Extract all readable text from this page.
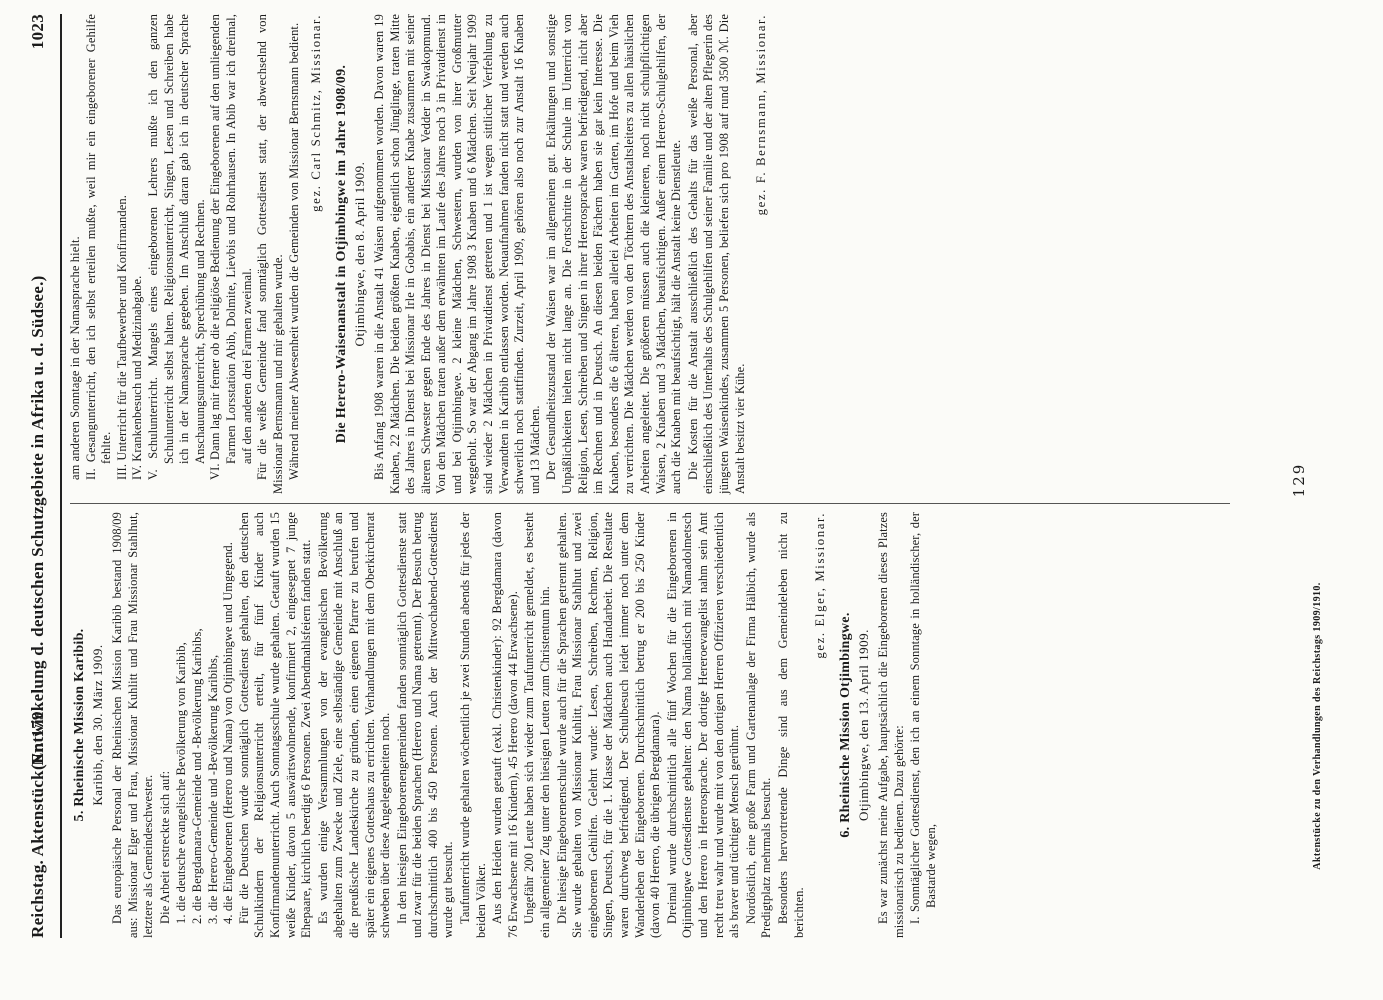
Reichstag. Aktenstück Nr. 179.
(Entwickelung d. deutschen Schutzgebiete in Afrika u. d. Südsee.)
1023
5. Rheinische Mission Karibib. Karibib, den 30. März 1909. Das europäische Personal der Rheinischen Mission Karibib bestand 1908/09 aus: Missionar Elger und Frau, Missionar Kuhlitt und Frau Missionar Stahlhut, letztere als Gemeindeschwester. Die Arbeit erstreckte sich auf: 1. die deutsche evangelische Bevölkerung von Karibib, 2. die Bergdamara-Gemeinde und -Bevölkerung Karibibs, 3. die Herero-Gemeinde und -Bevölkerung Karibibs, 4. die Eingeborenen (Herero und Nama) von Otjimbingwe und Umgegend. Für die Deutschen wurde sonntäglich Gottesdienst gehalten, den deutschen Schulkindern der Religionsunterricht erteilt, für fünf Kinder auch Konfirmandenunterricht. Auch Sonntagsschule wurde gehalten. Getauft wurden 15 weiße Kinder, davon 5 auswärtswohnende, konfirmiert 2, eingesegnet 7 junge Ehepaare, kirchlich beerdigt 6 Personen. Zwei Abendmahlsfeiern fanden statt. Es wurden einige Versammlungen von der evangelischen Bevölkerung abgehalten zum Zwecke und Ziele, eine selbständige Gemeinde mit Anschluß an die preußische Landeskirche zu gründen, einen eigenen Pfarrer zu berufen und später ein eigenes Gotteshaus zu errichten. Verhandlungen mit dem Oberkirchenrat schweben über diese Angelegenheiten noch. In den hiesigen Eingeborenengemeinden fanden sonntäglich Gottesdienste statt und zwar für die beiden Sprachen (Herero und Nama getrennt). Der Besuch betrug durchschnittlich 400 bis 450 Personen. Auch der Mittwochabend-Gottesdienst wurde gut besucht. Taufunterricht wurde gehalten wöchentlich je zwei Stunden abends für jedes der beiden Völker. Aus den Heiden wurden getauft (exkl. Christenkinder): 92 Bergdamara (davon 76 Erwachsene mit 16 Kindern), 45 Herero (davon 44 Erwachsene). Ungefähr 200 Leute haben sich wieder zum Taufunterricht gemeldet, es besteht ein allgemeiner Zug unter den hiesigen Leuten zum Christentum hin. Die hiesige Eingeborenenschule wurde auch für die Sprachen getrennt gehalten. Sie wurde gehalten von Missionar Kuhlitt, Frau Missionar Stahlhut und zwei eingeborenen Gehilfen. Gelehrt wurde: Lesen, Schreiben, Rechnen, Religion, Singen, Deutsch, für die 1. Klasse der Mädchen auch Handarbeit. Die Resultate waren durchweg befriedigend. Der Schulbesuch leidet immer noch unter dem Wanderleben der Eingeborenen. Durchschnittlich betrug er 200 bis 250 Kinder (davon 40 Herero, die übrigen Bergdamara). Dreimal wurde durchschnittlich alle fünf Wochen für die Eingeborenen in Otjimbingwe Gottesdienste gehalten: den Nama holländisch mit Namadolmetsch und den Herero in Hererosprache. Der dortige Hereroevangelist nahm sein Amt recht treu wahr und wurde mit von den dortigen Herren Offizieren verschiedentlich als braver und tüchtiger Mensch gerühmt. Nordöstlich, eine große Farm und Gartenanlage der Firma Hälbich, wurde als Predigtplatz mehrmals besucht. Besonders hervortretende Dinge sind aus dem Gemeindeleben nicht zu berichten.
gez. Elger, Missionar.
6. Rheinische Mission Otjimbingwe. Otjimbingwe, den 13. April 1909. Es war zunächst meine Aufgabe, hauptsächlich die Eingeborenen dieses Platzes missionarisch zu bedienen. Dazu gehörte: I. Sonntäglicher Gottesdienst, den ich an einem Sonntage in holländischer, der Bastarde wegen,
am anderen Sonntage in der Namasprache hielt. II. Gesangunterricht, den ich selbst erteilen mußte, weil mir ein eingeborener Gehilfe fehlte. III. Unterricht für die Taufbewerber und Konfirmanden. IV. Krankenbesuch und Medizinabgabe. V. Schulunterricht. Mangels eines eingeborenen Lehrers mußte ich den ganzen Schulunterricht selbst halten. Religionsunterricht, Singen, Lesen und Schreiben habe ich in der Namasprache gegeben. Im Anschluß daran gab ich in deutscher Sprache Anschauungsunterricht, Sprechübung und Rechnen. VI. Dann lag mir ferner ob die religiöse Bedienung der Eingeborenen auf den umliegenden Farmen Lorsstation Abib, Dolmite, Lievbis und Rohrhausen. In Abib war ich dreimal, auf den anderen drei Farmen zweimal. Für die weiße Gemeinde fand sonntäglich Gottesdienst statt, der abwechselnd von Missionar Bernsmann und mir gehalten wurde. Während meiner Abwesenheit wurden die Gemeinden von Missionar Bernsmann bedient. gez. Carl Schmitz, Missionar. Die Herero-Waisenanstalt in Otjimbingwe im Jahre 1908/09. Otjimbingwe, den 8. April 1909. Bis Anfang 1908 waren in die Anstalt 41 Waisen aufgenommen worden. Davon waren 19 Knaben, 22 Mädchen. Die beiden größten Knaben, eigentlich schon Jünglinge, traten Mitte des Jahres in Dienst bei Missionar Irle in Gobabis, ein anderer Knabe zusammen mit seiner älteren Schwester gegen Ende des Jahres in Dienst bei Missionar Vedder in Swakopmund. Von den Mädchen traten außer dem erwähnten im Laufe des Jahres noch 3 in Privatdienst in und bei Otjimbingwe. 2 kleine Mädchen, Schwestern, wurden von ihrer Großmutter weggeholt. So war der Abgang im Jahre 1908 3 Knaben und 6 Mädchen. Seit Neujahr 1909 sind wieder 2 Mädchen in Privatdienst getreten und 1 ist wegen sittlicher Verfehlung zu Verwandten in Karibib entlassen worden. Neuaufnahmen fanden nicht statt und werden auch schwerlich noch stattfinden. Zurzeit, April 1909, gehören also noch zur Anstalt 16 Knaben und 13 Mädchen. Der Gesundheitszustand der Waisen war im allgemeinen gut. Erkältungen und sonstige Unpäßlichkeiten hielten nicht lange an. Die Fortschritte in der Schule im Unterricht von Religion, Lesen, Schreiben und Singen in ihrer Hererosprache waren befriedigend, nicht aber im Rechnen und in Deutsch. An diesen beiden Fächern haben sie gar kein Interesse. Die Knaben, besonders die 6 älteren, haben allerlei Arbeiten im Garten, im Hofe und beim Vieh zu verrichten. Die Mädchen werden von den Töchtern des Anstaltsleiters zu allen häuslichen Arbeiten angeleitet. Die größeren müssen auch die kleineren, noch nicht schulpflichtigen Waisen, 2 Knaben und 3 Mädchen, beaufsichtigen. Außer einem Herero-Schulgehilfen, der auch die Knaben mit beaufsichtigt, hält die Anstalt keine Dienstleute. Die Kosten für die Anstalt ausschließlich des Gehalts für das weiße Personal, aber einschließlich des Unterhalts des Schulgehilfen und seiner Familie und der alten Pflegerin des jüngsten Waisenkindes, zusammen 5 Personen, beliefen sich pro 1908 auf rund 3500 ℳ. Die Anstalt besitzt vier Kühe.
gez. F. Bernsmann, Missionar.
129
Aktenstücke zu den Verhandlungen des Reichstags 1909/1910.
